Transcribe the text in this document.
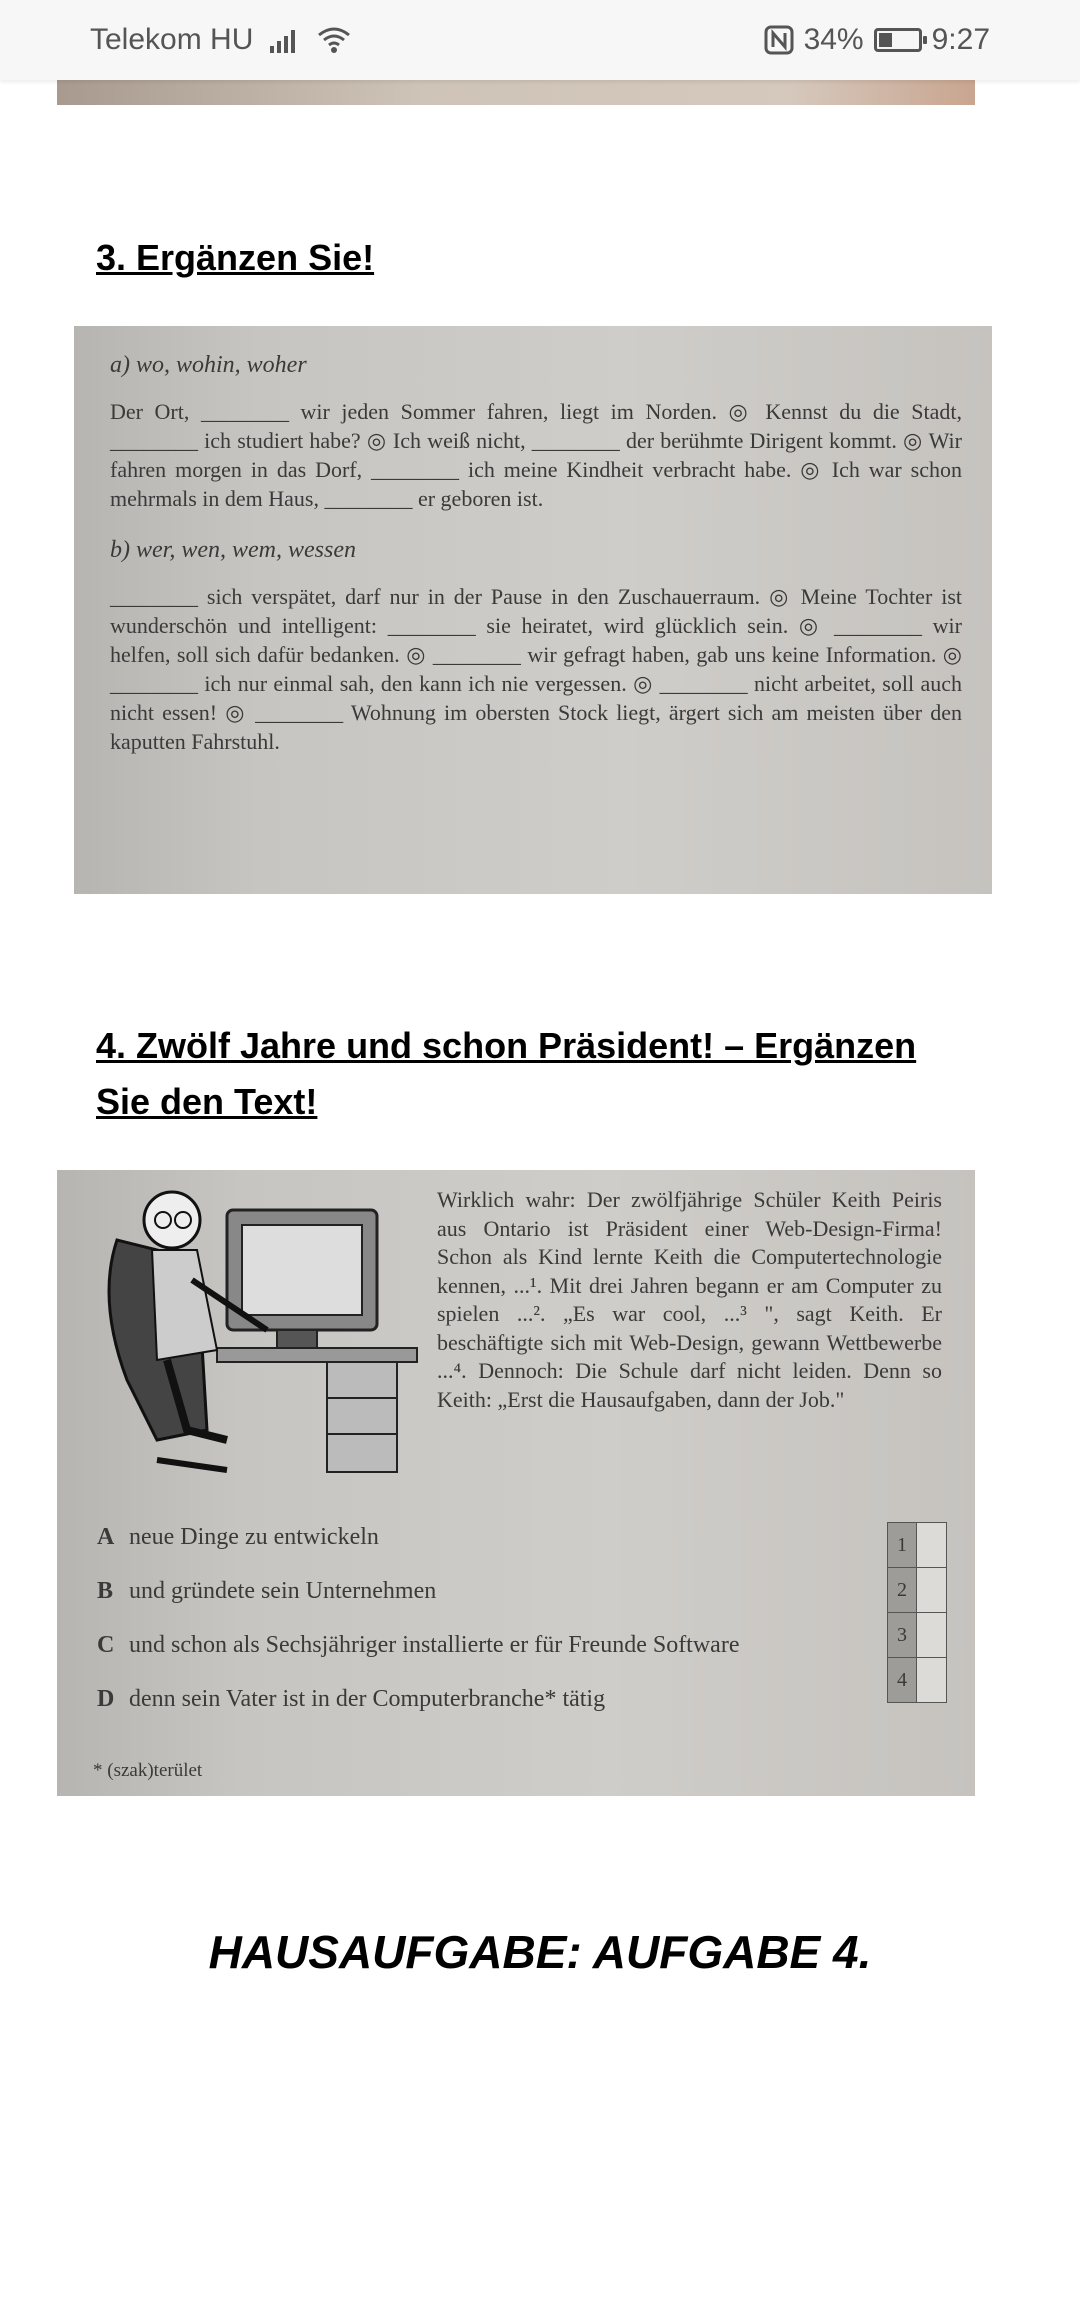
Telekom HU	34% 9:27
3. Ergänzen Sie!

a) wo, wohin, woher

Der Ort, ________ wir jeden Sommer fahren, liegt im Norden. ◎ Kennst du die Stadt, ________ ich studiert habe? ◎ Ich weiß nicht, ________ der berühmte Dirigent kommt. ◎ Wir fahren morgen in das Dorf, ________ ich meine Kindheit verbracht habe. ◎ Ich war schon mehrmals in dem Haus, ________ er geboren ist.

b) wer, wen, wem, wessen

________ sich verspätet, darf nur in der Pause in den Zuschauerraum. ◎ Meine Tochter ist wunderschön und intelligent: ________ sie heiratet, wird glücklich sein. ◎ ________ wir helfen, soll sich dafür bedanken. ◎ ________ wir gefragt haben, gab uns keine Information. ◎ ________ ich nur einmal sah, den kann ich nie vergessen. ◎ ________ nicht arbeitet, soll auch nicht essen! ◎ ________ Wohnung im obersten Stock liegt, ärgert sich am meisten über den kaputten Fahrstuhl.

4. Zwölf Jahre und schon Präsident! – Ergänzen
Sie den Text!

Wirklich wahr: Der zwölfjährige Schüler Keith Peiris aus Ontario ist Präsident einer Web-Design-Firma! Schon als Kind lernte Keith die Computertechnologie kennen, ...¹. Mit drei Jahren begann er am Computer zu spielen ...². „Es war cool, ...³ ", sagt Keith. Er beschäftigte sich mit Web-Design, gewann Wettbewerbe ...⁴. Dennoch: Die Schule darf nicht leiden. Denn so Keith: „Erst die Hausaufgaben, dann der Job."

A neue Dinge zu entwickeln
B und gründete sein Unternehmen
C und schon als Sechsjähriger installierte er für Freunde Software
D denn sein Vater ist in der Computerbranche* tätig
1
2
3
4
* (szak)terület
HAUSAUFGABE: AUFGABE 4.
